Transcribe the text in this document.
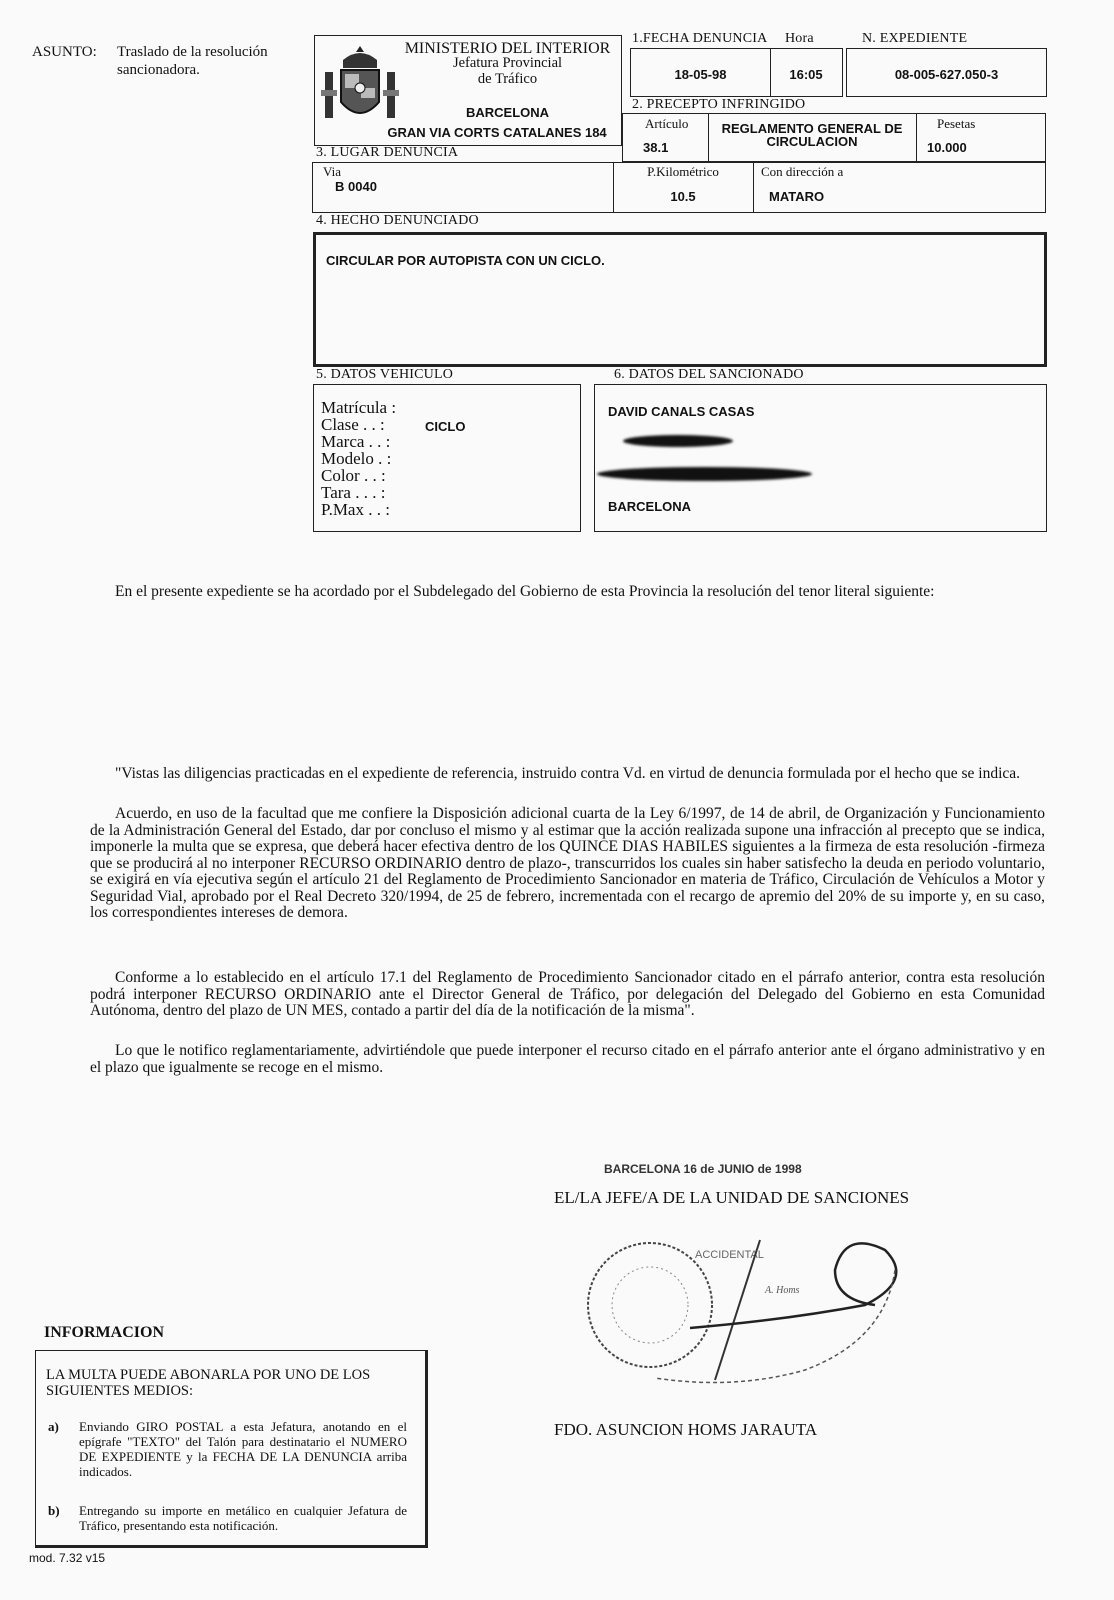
ASUNTO: Traslado de la resolución
sancionadora.
MINISTERIO DEL INTERIOR
Jefatura Provincial
de Tráfico
BARCELONA
GRAN VIA CORTS CATALANES 184
1.FECHA DENUNCIA Hora
18-05-98	16:05
N. EXPEDIENTE
08-005-627.050-3
2. PRECEPTO INFRINGIDO
Artículo
38.1
REGLAMENTO GENERAL DE
CIRCULACION
Pesetas
10.000
3. LUGAR DENUNCIA
Via
B 0040
P.Kilométrico
10.5
Con dirección a
MATARO
4. HECHO DENUNCIADO
CIRCULAR POR AUTOPISTA CON UN CICLO.
5. DATOS VEHICULO
Matrícula :
Clase . . :
Marca . . :
Modelo . :
Color . . :
Tara . . . :
P.Max . . :
CICLO
6. DATOS DEL SANCIONADO
DAVID CANALS CASAS
BARCELONA
En el presente expediente se ha acordado por el Subdelegado del Gobierno de esta Provincia la resolución del tenor literal siguiente:
"Vistas las diligencias practicadas en el expediente de referencia, instruido contra Vd. en virtud de denuncia formulada por el hecho que se indica.
Acuerdo, en uso de la facultad que me confiere la Disposición adicional cuarta de la Ley 6/1997, de 14 de abril, de Organización y Funcionamiento de la Administración General del Estado, dar por concluso el mismo y al estimar que la acción realizada supone una infracción al precepto que se indica, imponerle la multa que se expresa, que deberá hacer efectiva dentro de los QUINCE DIAS HABILES siguientes a la firmeza de esta resolución -firmeza que se producirá al no interponer RECURSO ORDINARIO dentro de plazo-, transcurridos los cuales sin haber satisfecho la deuda en periodo voluntario, se exigirá en vía ejecutiva según el artículo 21 del Reglamento de Procedimiento Sancionador en materia de Tráfico, Circulación de Vehículos a Motor y Seguridad Vial, aprobado por el Real Decreto 320/1994, de 25 de febrero, incrementada con el recargo de apremio del 20% de su importe y, en su caso, los correspondientes intereses de demora.
Conforme a lo establecido en el artículo 17.1 del Reglamento de Procedimiento Sancionador citado en el párrafo anterior, contra esta resolución podrá interponer RECURSO ORDINARIO ante el Director General de Tráfico, por delegación del Delegado del Gobierno en esta Comunidad Autónoma, dentro del plazo de UN MES, contado a partir del día de la notificación de la misma".
Lo que le notifico reglamentariamente, advirtiéndole que puede interponer el recurso citado en el párrafo anterior ante el órgano administrativo y en el plazo que igualmente se recoge en el mismo.
BARCELONA 16 de JUNIO de 1998
EL/LA JEFE/A DE LA UNIDAD DE SANCIONES
ACCIDENTAL
A. Homs
FDO. ASUNCION HOMS JARAUTA
INFORMACION
LA MULTA PUEDE ABONARLA POR UNO DE LOS SIGUIENTES MEDIOS:
a) Enviando GIRO POSTAL a esta Jefatura, anotando en el epígrafe "TEXTO" del Talón para destinatario el NUMERO DE EXPEDIENTE y la FECHA DE LA DENUNCIA arriba indicados.
b) Entregando su importe en metálico en cualquier Jefatura de Tráfico, presentando esta notificación.
mod. 7.32 v15
